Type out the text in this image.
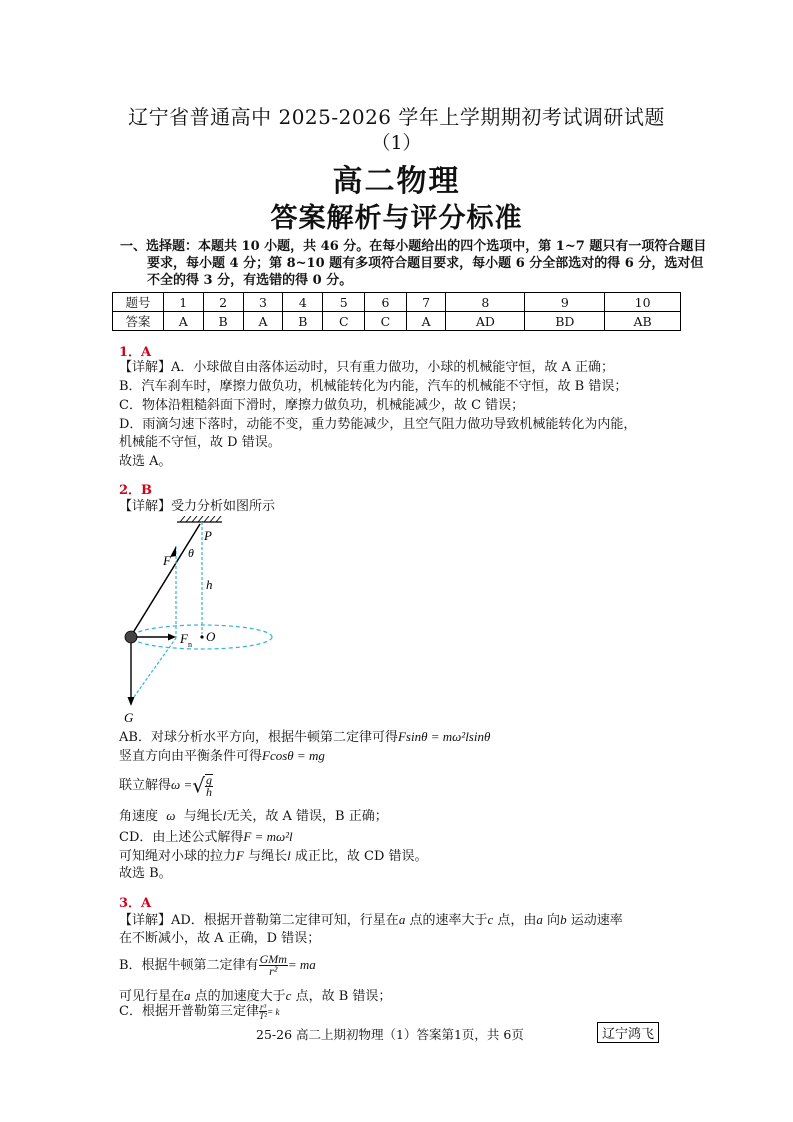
辽宁省普通高中 2025-2026 学年上学期期初考试调研试题
（1）
高二物理
答案解析与评分标准
一、选择题：本题共 10 小题，共 46 分。在每小题给出的四个选项中，第 1~7 题只有一项符合题目要求，每小题 4 分；第 8~10 题有多项符合题目要求，每小题 6 分全部选对的得 6 分，选对但不全的得 3 分，有选错的得 0 分。
题号	1	2	3	4	5	6	7	8	9	10
答案	A	B	A	B	C	C	A	AD	BD	AB
1．A
【详解】A．小球做自由落体运动时，只有重力做功，小球的机械能守恒，故 A 正确；
B．汽车刹车时，摩擦力做负功，机械能转化为内能，汽车的机械能不守恒，故 B 错误；
C．物体沿粗糙斜面下滑时，摩擦力做负功，机械能减少，故 C 错误；
D．雨滴匀速下落时，动能不变，重力势能减少，且空气阻力做功导致机械能转化为内能，
机械能不守恒，故 D 错误。
故选 A。
2．B
【详解】受力分析如图所示
P
θ
F
h
F n
O
G
AB．对球分析水平方向，根据牛顿第二定律可得Fsinθ = mω²lsinθ
竖直方向由平衡条件可得Fcosθ = mg
联立解得ω =√ $\frac{g}{h}$
角速度 ω 与绳长l无关，故 A 错误，B 正确；
CD．由上述公式解得F = mω²l
可知绳对小球的拉力F 与绳长l 成正比，故 CD 错误。
故选 B。
3．A
【详解】AD．根据开普勒第二定律可知，行星在a 点的速率大于c 点，由a 向b 运动速率
在不断减小，故 A 正确，D 错误；
B．根据牛顿第二定律有 $\frac{\text{GMm}}{\text{r²}}$ = ma
可见行星在a 点的加速度大于c 点，故 B 错误；
C．根据开普勒第三定律 $\frac{\text{r³}}{\text{T²}} = k$
25-26 高二上期初物理（1）答案第1页，共 6页	辽宁鸿飞
